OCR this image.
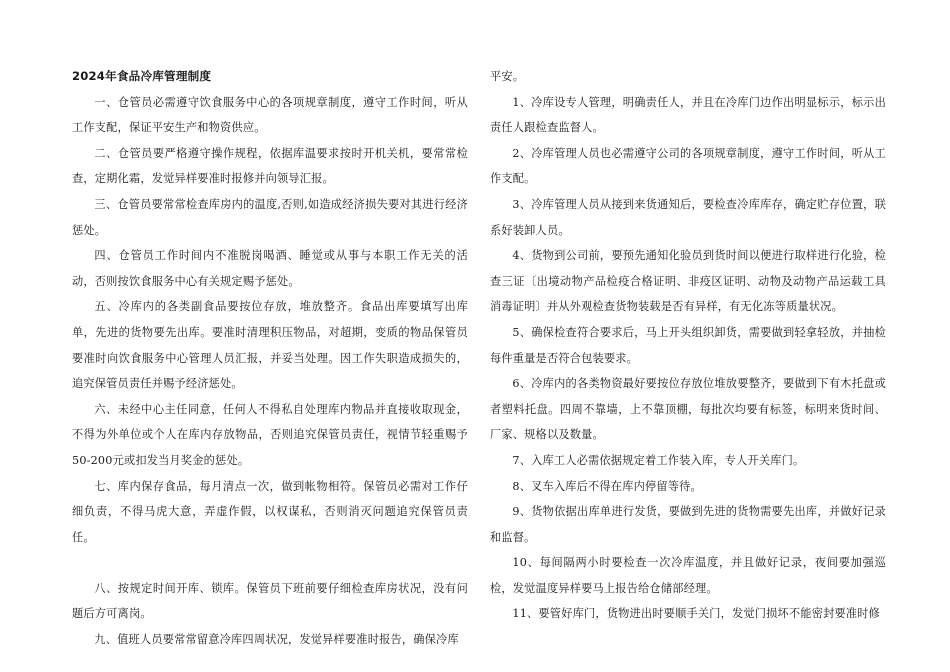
2024年食品冷库管理制度

一、仓管员必需遵守饮食服务中心的各项规章制度，遵守工作时间，听从工作支配，保证平安生产和物资供应。

二、仓管员要严格遵守操作规程，依据库温要求按时开机关机，要常常检查，定期化霜，发觉异样要准时报修并向领导汇报。

三、仓管员要常常检查库房内的温度,否则,如造成经济损失要对其进行经济惩处。

四、仓管员工作时间内不准脱岗喝酒、睡觉或从事与本职工作无关的活动，否则按饮食服务中心有关规定赐予惩处。

五、冷库内的各类副食品要按位存放，堆放整齐。食品出库要填写出库单，先进的货物要先出库。要准时清理积压物品，对超期，变质的物品保管员要准时向饮食服务中心管理人员汇报，并妥当处理。因工作失职造成损失的，追究保管员责任并赐予经济惩处。

六、未经中心主任同意，任何人不得私自处理库内物品并直接收取现金，不得为外单位或个人在库内存放物品，否则追究保管员责任，视情节轻重赐予50-200元或扣发当月奖金的惩处。

七、库内保存食品，每月清点一次，做到帐物相符。保管员必需对工作仔细负责，不得马虎大意，弄虚作假，以权谋私，否则消灭问题追究保管员责任。

八、按规定时间开库、锁库。保管员下班前要仔细检查库房状况，没有问题后方可离岗。

九、值班人员要常常留意冷库四周状况，发觉异样要准时报告，确保冷库

平安。

1、冷库设专人管理，明确责任人，并且在冷库门边作出明显标示，标示出责任人跟检查监督人。

2、冷库管理人员也必需遵守公司的各项规章制度，遵守工作时间，听从工作支配。

3、冷库管理人员从接到来货通知后，要检查冷库库存，确定贮存位置，联系好装卸人员。

4、货物到公司前，要预先通知化验员到货时间以便进行取样进行化验，检查三证〔出境动物产品检疫合格证明、非疫区证明、动物及动物产品运载工具消毒证明〕并从外观检查货物装载是否有异样，有无化冻等质量状况。

5、确保检查符合要求后，马上开头组织卸货，需要做到轻拿轻放，并抽检每件重量是否符合包装要求。

6、冷库内的各类物资最好要按位存放位堆放要整齐，要做到下有木托盘或者塑料托盘。四周不靠墙，上不靠顶棚，每批次均要有标签，标明来货时间、厂家、规格以及数量。

7、入库工人必需依据规定着工作装入库，专人开关库门。

8、叉车入库后不得在库内停留等待。

9、货物依据出库单进行发货，要做到先进的货物需要先出库，并做好记录和监督。

10、每间隔两小时要检查一次冷库温度，并且做好记录，夜间要加强巡检，发觉温度异样要马上报告给仓储部经理。

11、要管好库门，货物进出时要顺手关门，发觉门损坏不能密封要准时修
